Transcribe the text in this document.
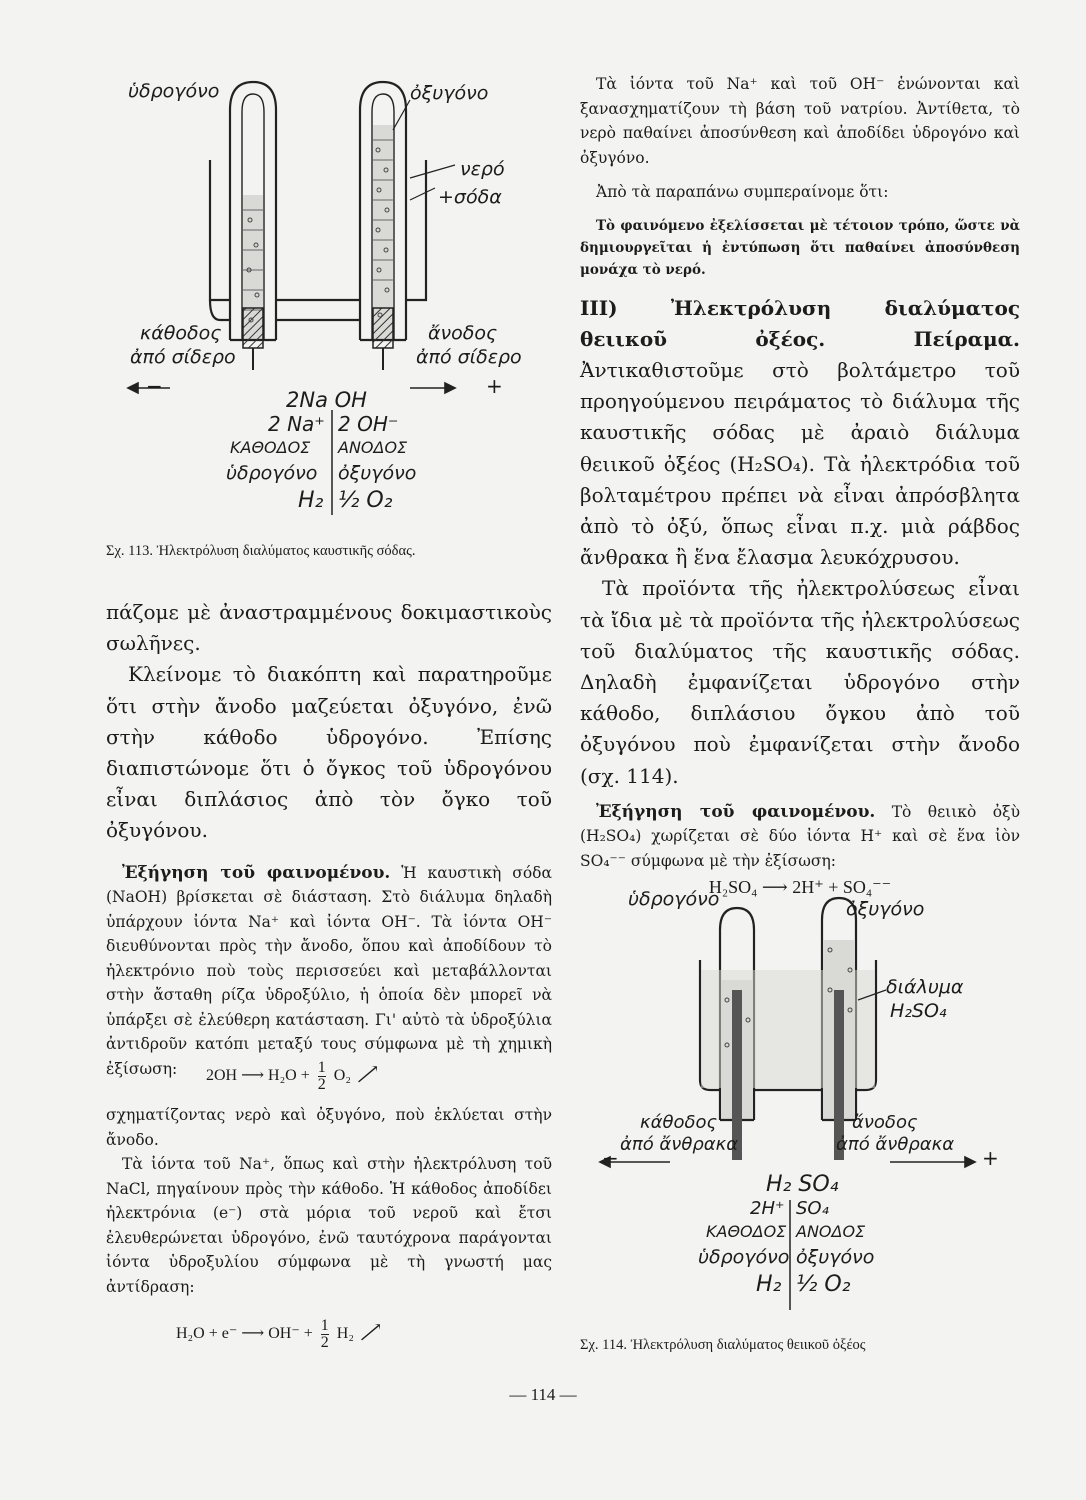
ὑδρογόνο	ὀξυγόνο
νερό
+σόδα
κάθοδος
ἀπό σίδερο
ἄνοδος
ἀπό σίδερο
−	+
2Na OH
2 Na⁺ 2 OH⁻
ΚΑΘΟΔΟΣ ΑΝΟΔΟΣ
ὑδρογόνο ὀξυγόνο
H₂ ½ O₂
Σχ. 113. Ἠλεκτρόλυση διαλύματος καυστικῆς σόδας.

πάζομε μὲ ἀναστραμμένους δοκιμαστικοὺς σωλῆνες.

Κλείνομε τὸ διακόπτη καὶ παρατηροῦμε ὅτι στὴν ἄνοδο μαζεύεται ὀξυγόνο, ἐνῶ στὴν κάθοδο ὑδρογόνο. Ἐπίσης διαπιστώνομε ὅτι ὁ ὄγκος τοῦ ὑδρογόνου εἶναι διπλάσιος ἀπὸ τὸν ὄγκο τοῦ ὀξυγόνου.

Ἐξήγηση τοῦ φαινομένου. Ἡ καυστικὴ σόδα (NaOH) βρίσκεται σὲ διάσταση. Στὸ διάλυμα δηλαδὴ ὑπάρχουν ἰόντα Na⁺ καὶ ἰόντα OH⁻. Τὰ ἰόντα OH⁻ διευθύνονται πρὸς τὴν ἄνοδο, ὅπου καὶ ἀποδίδουν τὸ ἠλεκτρόνιο ποὺ τοὺς περισσεύει καὶ μεταβάλλονται στὴν ἄσταθη ρίζα ὑδροξύλιο, ἡ ὁποία δὲν μπορεῖ νὰ ὑπάρξει σὲ ἐλεύθερη κατάσταση. Γι' αὐτὸ τὰ ὑδροξύλια ἀντιδροῦν κατόπι μεταξύ τους σύμφωνα μὲ τὴ χημικὴ ἐξίσωση:	2OH ⟶ $H_2O + \frac{1}{2} O_2$ ⟶

σχηματίζοντας νερὸ καὶ ὀξυγόνο, ποὺ ἐκλύεται στὴν ἄνοδο.

Τὰ ἰόντα τοῦ Na⁺, ὅπως καὶ στὴν ἠλεκτρόλυση τοῦ NaCl, πηγαίνουν πρὸς τὴν κάθοδο. Ἡ κάθοδος ἀποδίδει ἠλεκτρόνια (e⁻) στὰ μόρια τοῦ νεροῦ καὶ ἔτσι ἐλευθερώνεται ὑδρογόνο, ἐνῶ ταυτόχρονα παράγονται ἰόντα ὑδροξυλίου σύμφωνα μὲ τὴ γνωστή μας ἀντίδραση:

H₂O + e⁻ ⟶ $OH^- + \frac{1}{2} H_2$ ⟶

Τὰ ἰόντα τοῦ Na⁺ καὶ τοῦ OH⁻ ἑνώνονται καὶ ξανασχηματίζουν τὴ βάση τοῦ νατρίου. Ἀντίθετα, τὸ νερὸ παθαίνει ἀποσύνθεση καὶ ἀποδίδει ὑδρογόνο καὶ ὀξυγόνο.

Ἀπὸ τὰ παραπάνω συμπεραίνομε ὅτι:

Τὸ φαινόμενο ἐξελίσσεται μὲ τέτοιον τρόπο, ὥστε νὰ δημιουργεῖται ἡ ἐντύπωση ὅτι παθαίνει ἀποσύνθεση μονάχα τὸ νερό.

III) Ἠλεκτρόλυση διαλύματος θειικοῦ ὀξέος. Πείραμα. Ἀντικαθιστοῦμε στὸ βολτάμετρο τοῦ προηγούμενου πειράματος τὸ διάλυμα τῆς καυστικῆς σόδας μὲ ἀραιὸ διάλυμα θειικοῦ ὀξέος (H₂SO₄). Τὰ ἠλεκτρόδια τοῦ βολταμέτρου πρέπει νὰ εἶναι ἀπρόσβλητα ἀπὸ τὸ ὀξύ, ὅπως εἶναι π.χ. μιὰ ράβδος ἄνθρακα ἢ ἕνα ἔλασμα λευκόχρυσου.

Τὰ προϊόντα τῆς ἠλεκτρολύσεως εἶναι τὰ ἴδια μὲ τὰ προϊόντα τῆς ἠλεκτρολύσεως τοῦ διαλύματος τῆς καυστικῆς σόδας. Δηλαδὴ ἐμφανίζεται ὑδρογόνο στὴν κάθοδο, διπλάσιου ὄγκου ἀπὸ τοῦ ὀξυγόνου ποὺ ἐμφανίζεται στὴν ἄνοδο (σχ. 114).

Ἐξήγηση τοῦ φαινομένου. Τὸ θειικὸ ὀξὺ (H₂SO₄) χωρίζεται σὲ δύο ἰόντα H⁺ καὶ σὲ ἕνα ἰὸν SO₄⁻⁻ σύμφωνα μὲ τὴν ἐξίσωση:

H₂SO₄ ⟶ 2H⁺ + SO₄⁻⁻
ὑδρογόνο	ὀξυγόνο
διάλυμα
H₂SO₄
κάθοδος
ἀπό ἄνθρακα
ἄνοδος
ἀπό ἄνθρακα
−	+
H₂ SO₄
2H⁺ SO₄
ΚΑΘΟΔΟΣ ΑΝΟΔΟΣ
ὑδρογόνο ὀξυγόνο
H₂ ½ O₂
Σχ. 114. Ἠλεκτρόλυση διαλύματος θειικοῦ ὀξέος
— 114 —
